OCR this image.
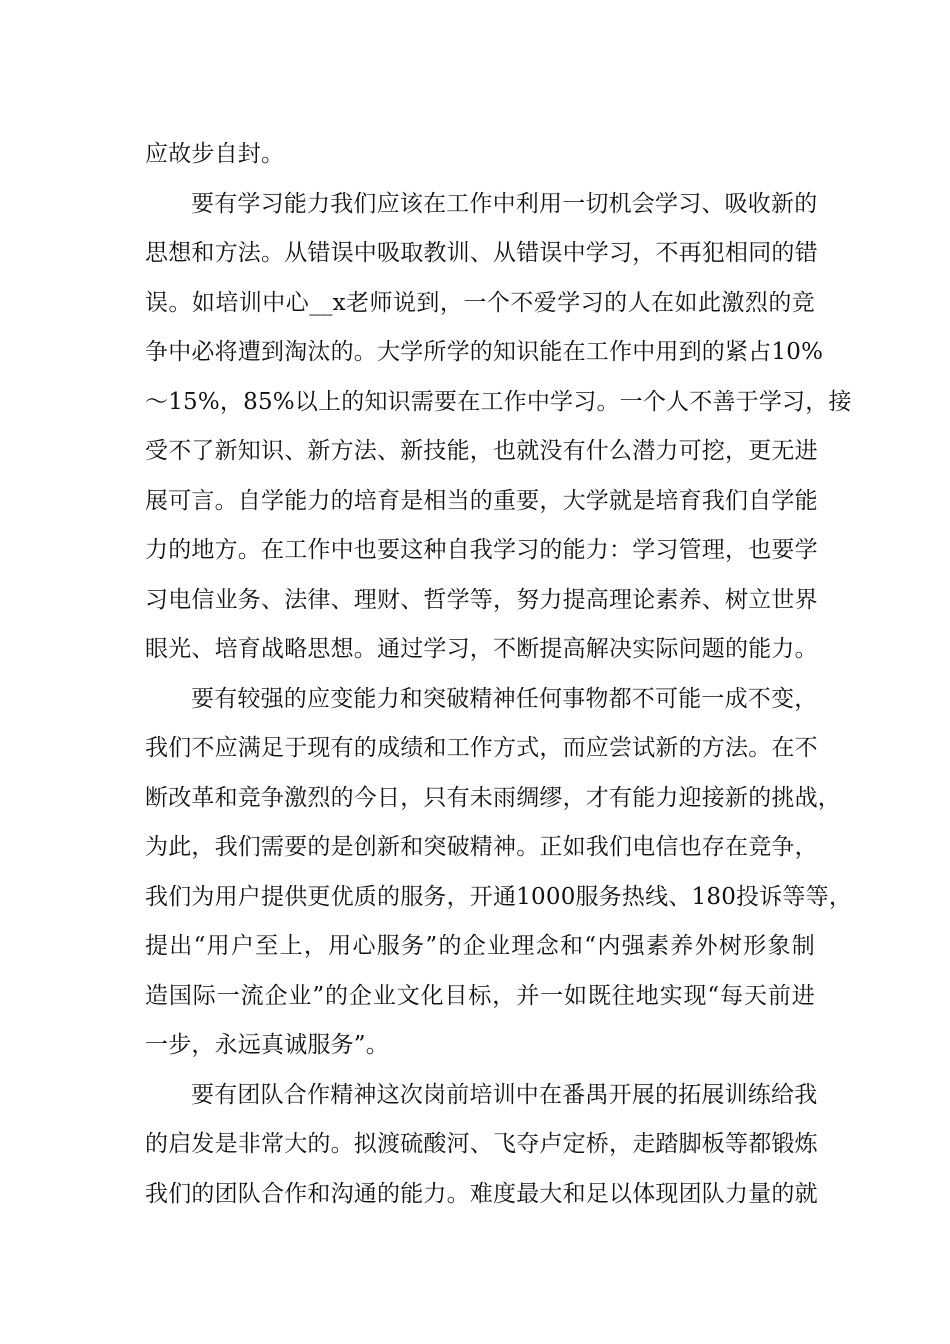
应故步自封。
要有学习能力我们应该在工作中利用一切机会学习、吸收新的
思想和方法。从错误中吸取教训、从错误中学习，不再犯相同的错
误。如培训中心__x老师说到，一个不爱学习的人在如此激烈的竞
争中必将遭到淘汰的。大学所学的知识能在工作中用到的紧占10%
～15%，85%以上的知识需要在工作中学习。一个人不善于学习，接
受不了新知识、新方法、新技能，也就没有什么潜力可挖，更无进
展可言。自学能力的培育是相当的重要，大学就是培育我们自学能
力的地方。在工作中也要这种自我学习的能力：学习管理，也要学
习电信业务、法律、理财、哲学等，努力提高理论素养、树立世界
眼光、培育战略思想。通过学习，不断提高解决实际问题的能力。
要有较强的应变能力和突破精神任何事物都不可能一成不变，
我们不应满足于现有的成绩和工作方式，而应尝试新的方法。在不
断改革和竞争激烈的今日，只有未雨绸缪，才有能力迎接新的挑战，
为此，我们需要的是创新和突破精神。正如我们电信也存在竞争，
我们为用户提供更优质的服务，开通1000服务热线、180投诉等等，
提出“用户至上，用心服务”的企业理念和“内强素养外树形象制
造国际一流企业”的企业文化目标，并一如既往地实现“每天前进
一步，永远真诚服务”。
要有团队合作精神这次岗前培训中在番禺开展的拓展训练给我
的启发是非常大的。拟渡硫酸河、飞夺卢定桥，走踏脚板等都锻炼
我们的团队合作和沟通的能力。难度最大和足以体现团队力量的就
